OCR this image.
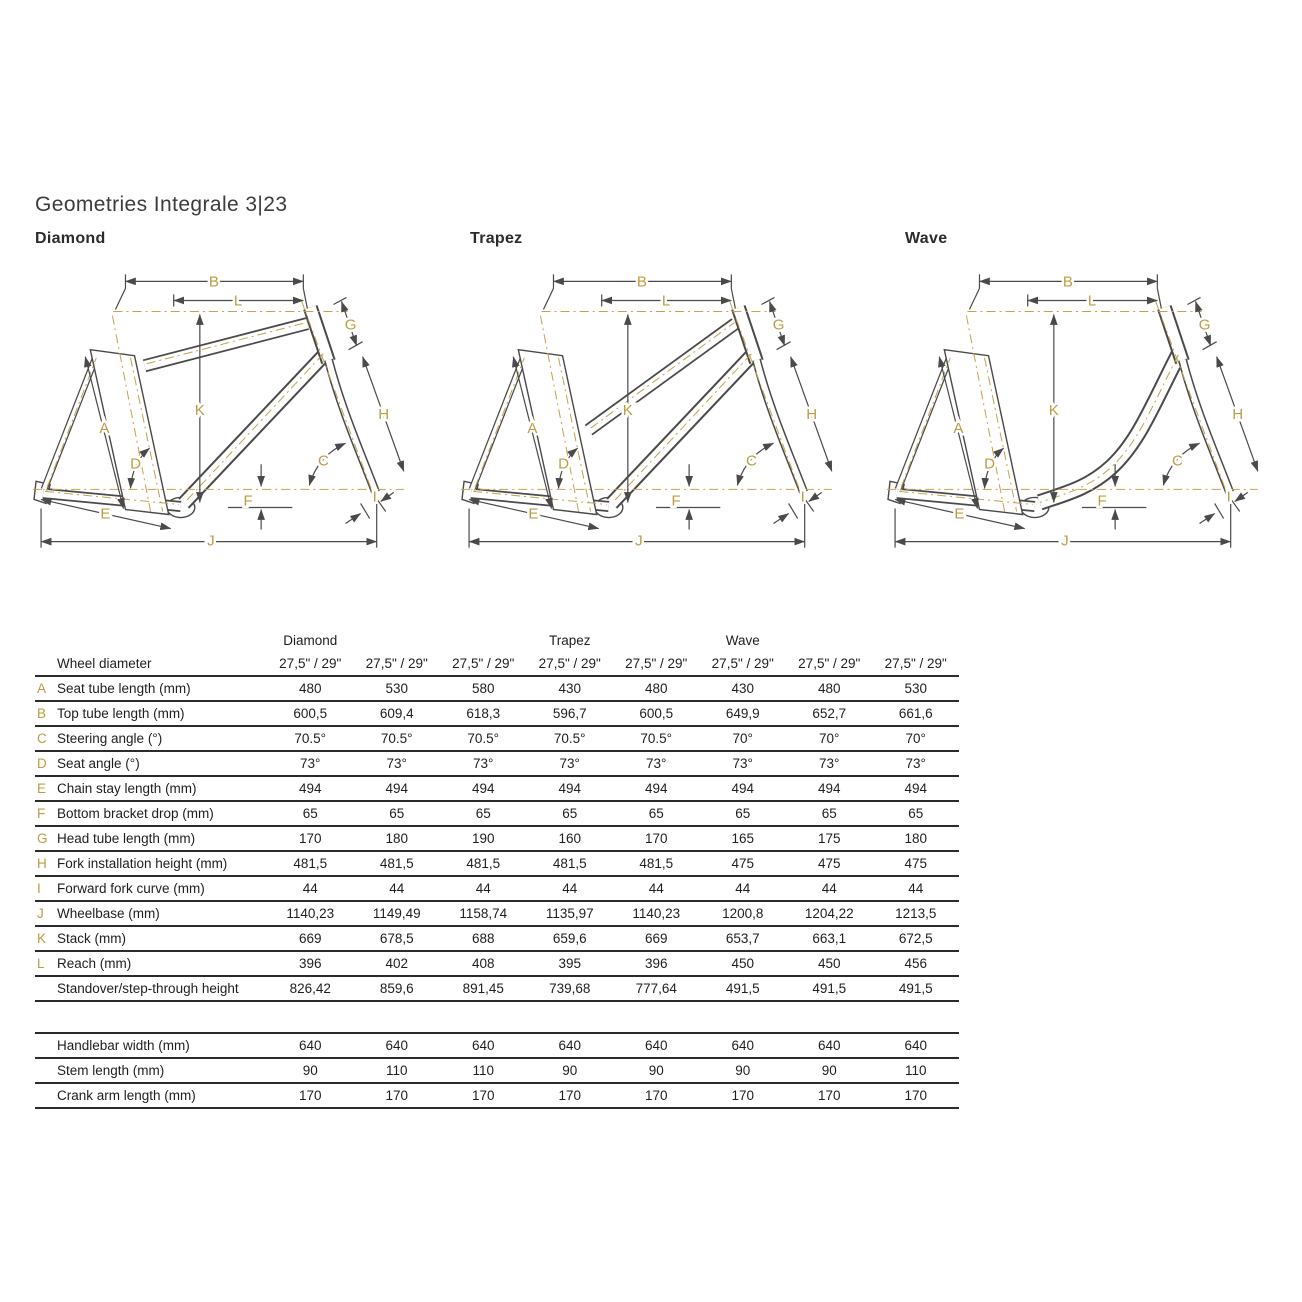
Geometries Integrale 3|23
Diamond	Trapez	Wave
		Diamond			Trapez		Wave		
	Wheel diameter	27,5" / 29"	27,5" / 29"	27,5" / 29"	27,5" / 29"	27,5" / 29"	27,5" / 29"	27,5" / 29"	27,5" / 29"
A	Seat tube length (mm)	480	530	580	430	480	430	480	530
B	Top tube length (mm)	600,5	609,4	618,3	596,7	600,5	649,9	652,7	661,6
C	Steering angle (°)	70.5°	70.5°	70.5°	70.5°	70.5°	70°	70°	70°
D	Seat angle (°)	73°	73°	73°	73°	73°	73°	73°	73°
E	Chain stay length (mm)	494	494	494	494	494	494	494	494
F	Bottom bracket drop (mm)	65	65	65	65	65	65	65	65
G	Head tube length (mm)	170	180	190	160	170	165	175	180
H	Fork installation height (mm)	481,5	481,5	481,5	481,5	481,5	475	475	475
I	Forward fork curve (mm)	44	44	44	44	44	44	44	44
J	Wheelbase (mm)	1140,23	1149,49	1158,74	1135,97	1140,23	1200,8	1204,22	1213,5
K	Stack (mm)	669	678,5	688	659,6	669	653,7	663,1	672,5
L	Reach (mm)	396	402	408	395	396	450	450	456
	Standover/step-through height	826,42	859,6	891,45	739,68	777,64	491,5	491,5	491,5

	Handlebar width (mm)	640	640	640	640	640	640	640	640
	Stem length (mm)	90	110	110	90	90	90	90	110
	Crank arm length (mm)	170	170	170	170	170	170	170	170
